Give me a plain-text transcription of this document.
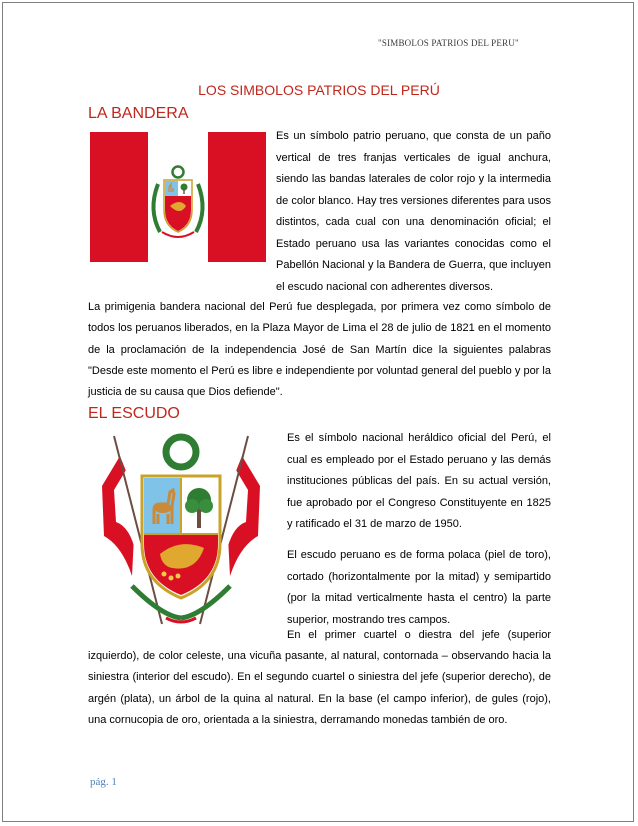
"SIMBOLOS PATRIOS DEL PERU"
LOS SIMBOLOS PATRIOS DEL PERÚ
LA BANDERA
Es un símbolo patrio peruano, que consta de un paño vertical de tres franjas verticales de igual anchura, siendo las bandas laterales de color rojo y la intermedia de color blanco. Hay tres versiones diferentes para usos distintos, cada cual con una denominación oficial; el Estado peruano usa las variantes conocidas como el Pabellón Nacional y la Bandera de Guerra, que incluyen el escudo nacional con adherentes diversos.
La primigenia bandera nacional del Perú fue desplegada, por primera vez como símbolo de todos los peruanos liberados, en la Plaza Mayor de Lima el 28 de julio de 1821 en el momento de la proclamación de la independencia José de San Martín dice la siguientes palabras "Desde este momento el Perú es libre e independiente por voluntad general del pueblo y por la justicia de su causa que Dios defiende".
EL ESCUDO
Es el símbolo nacional heráldico oficial del Perú, el cual es empleado por el Estado peruano y las demás instituciones públicas del país. En su actual versión, fue aprobado por el Congreso Constituyente en 1825 y ratificado el 31 de marzo de 1950.
El escudo peruano es de forma polaca (piel de toro), cortado (horizontalmente por la mitad) y semipartido (por la mitad verticalmente hasta el centro) la parte superior, mostrando tres campos.
En el primer cuartel o diestra del jefe (superior
izquierdo), de color celeste, una vicuña pasante, al natural, contornada – observando hacia la siniestra (interior del escudo). En el segundo cuartel o siniestra del jefe (superior derecho), de argén (plata), un árbol de la quina al natural. En la base (el campo inferior), de gules (rojo), una cornucopia de oro, orientada a la siniestra, derramando monedas también de oro.
pág. 1
